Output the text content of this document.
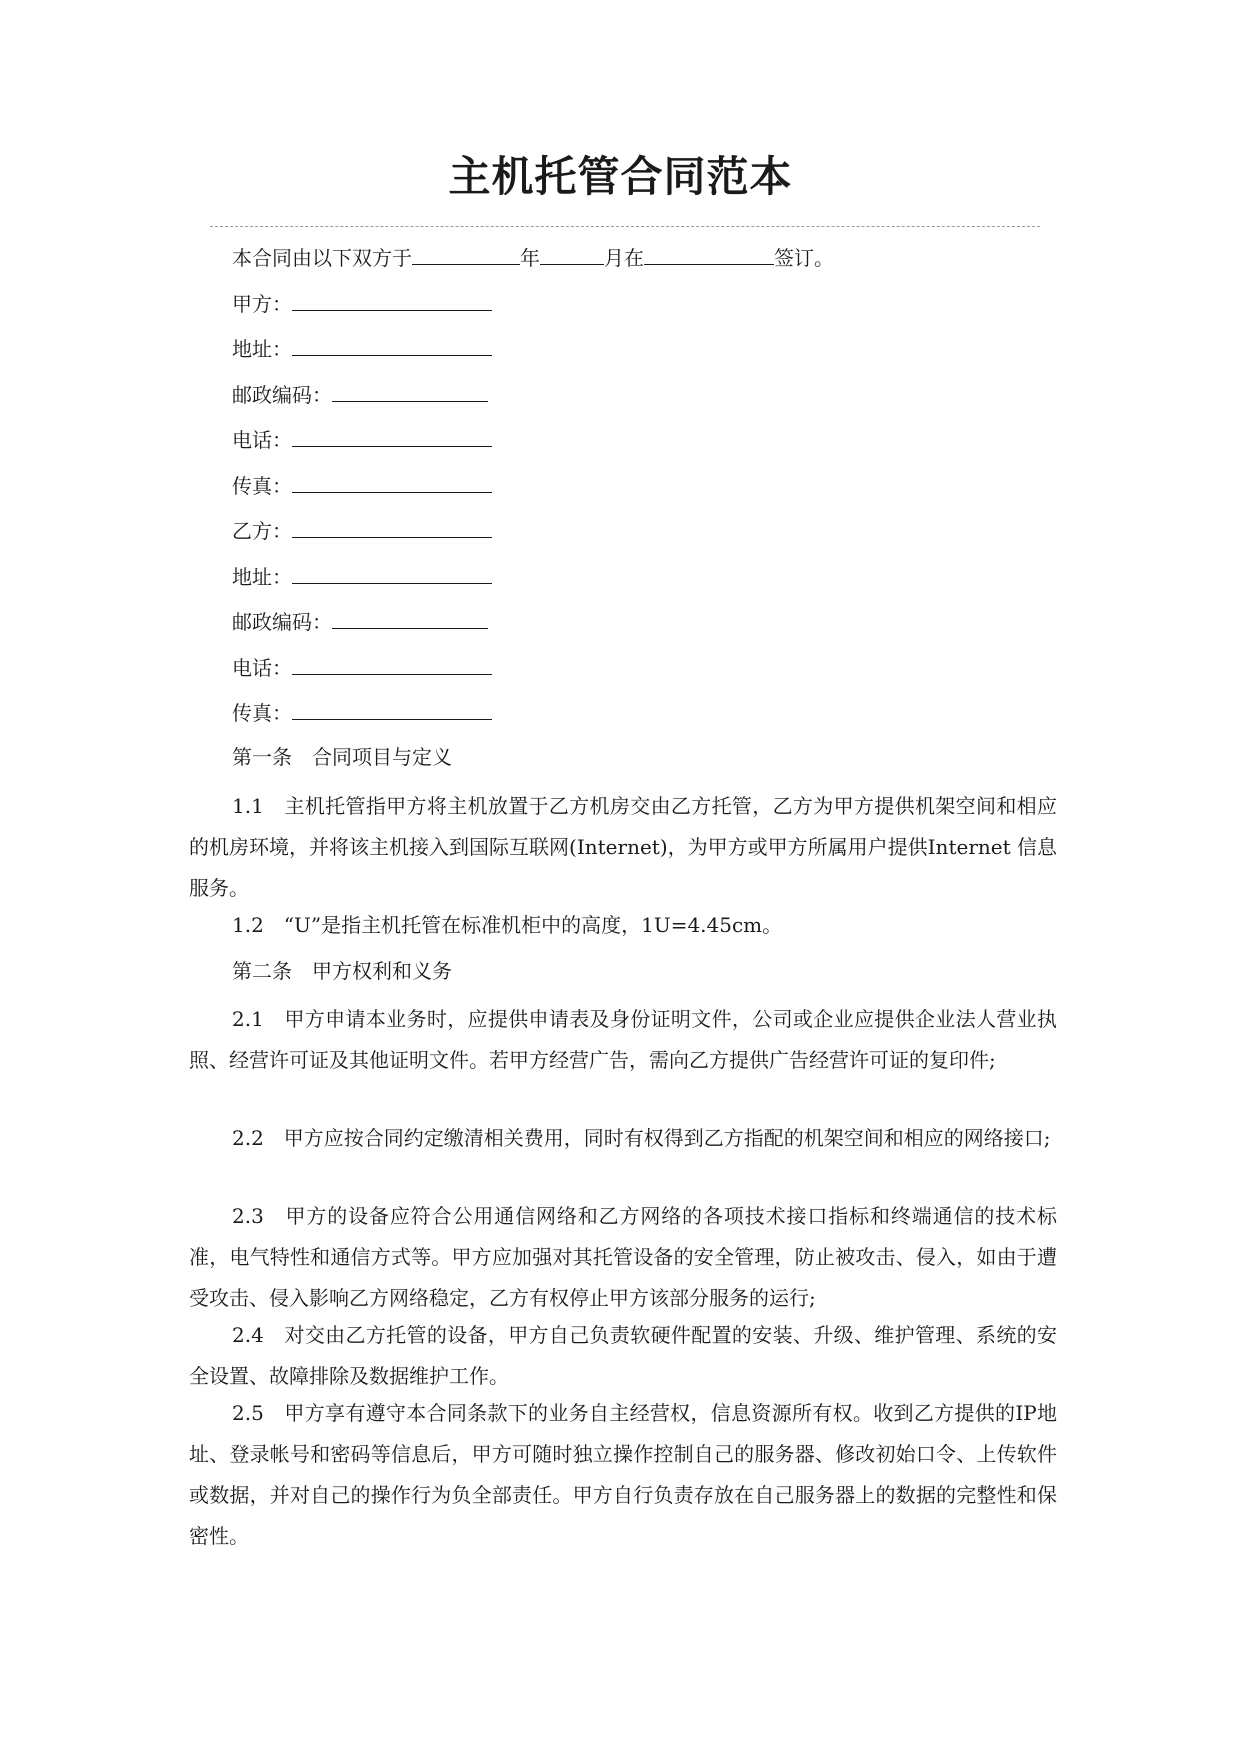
主机托管合同范本
本合同由以下双方于	年	月在	签订。
甲方：
地址：
邮政编码：
电话：
传真：
乙方：
地址：
邮政编码：
电话：
传真：
第一条　合同项目与定义
1.1　主机托管指甲方将主机放置于乙方机房交由乙方托管，乙方为甲方提供机架空间和相应的机房环境，并将该主机接入到国际互联网(Internet)，为甲方或甲方所属用户提供Internet 信息服务。
1.2　“U”是指主机托管在标准机柜中的高度，1U=4.45cm。
第二条　甲方权利和义务
2.1　甲方申请本业务时，应提供申请表及身份证明文件，公司或企业应提供企业法人营业执照、经营许可证及其他证明文件。若甲方经营广告，需向乙方提供广告经营许可证的复印件;
2.2　甲方应按合同约定缴清相关费用，同时有权得到乙方指配的机架空间和相应的网络接口;
2.3　甲方的设备应符合公用通信网络和乙方网络的各项技术接口指标和终端通信的技术标准，电气特性和通信方式等。甲方应加强对其托管设备的安全管理，防止被攻击、侵入，如由于遭受攻击、侵入影响乙方网络稳定，乙方有权停止甲方该部分服务的运行;
2.4　对交由乙方托管的设备，甲方自己负责软硬件配置的安装、升级、维护管理、系统的安全设置、故障排除及数据维护工作。
2.5　甲方享有遵守本合同条款下的业务自主经营权，信息资源所有权。收到乙方提供的IP地址、登录帐号和密码等信息后，甲方可随时独立操作控制自己的服务器、修改初始口令、上传软件或数据，并对自己的操作行为负全部责任。甲方自行负责存放在自己服务器上的数据的完整性和保密性。
